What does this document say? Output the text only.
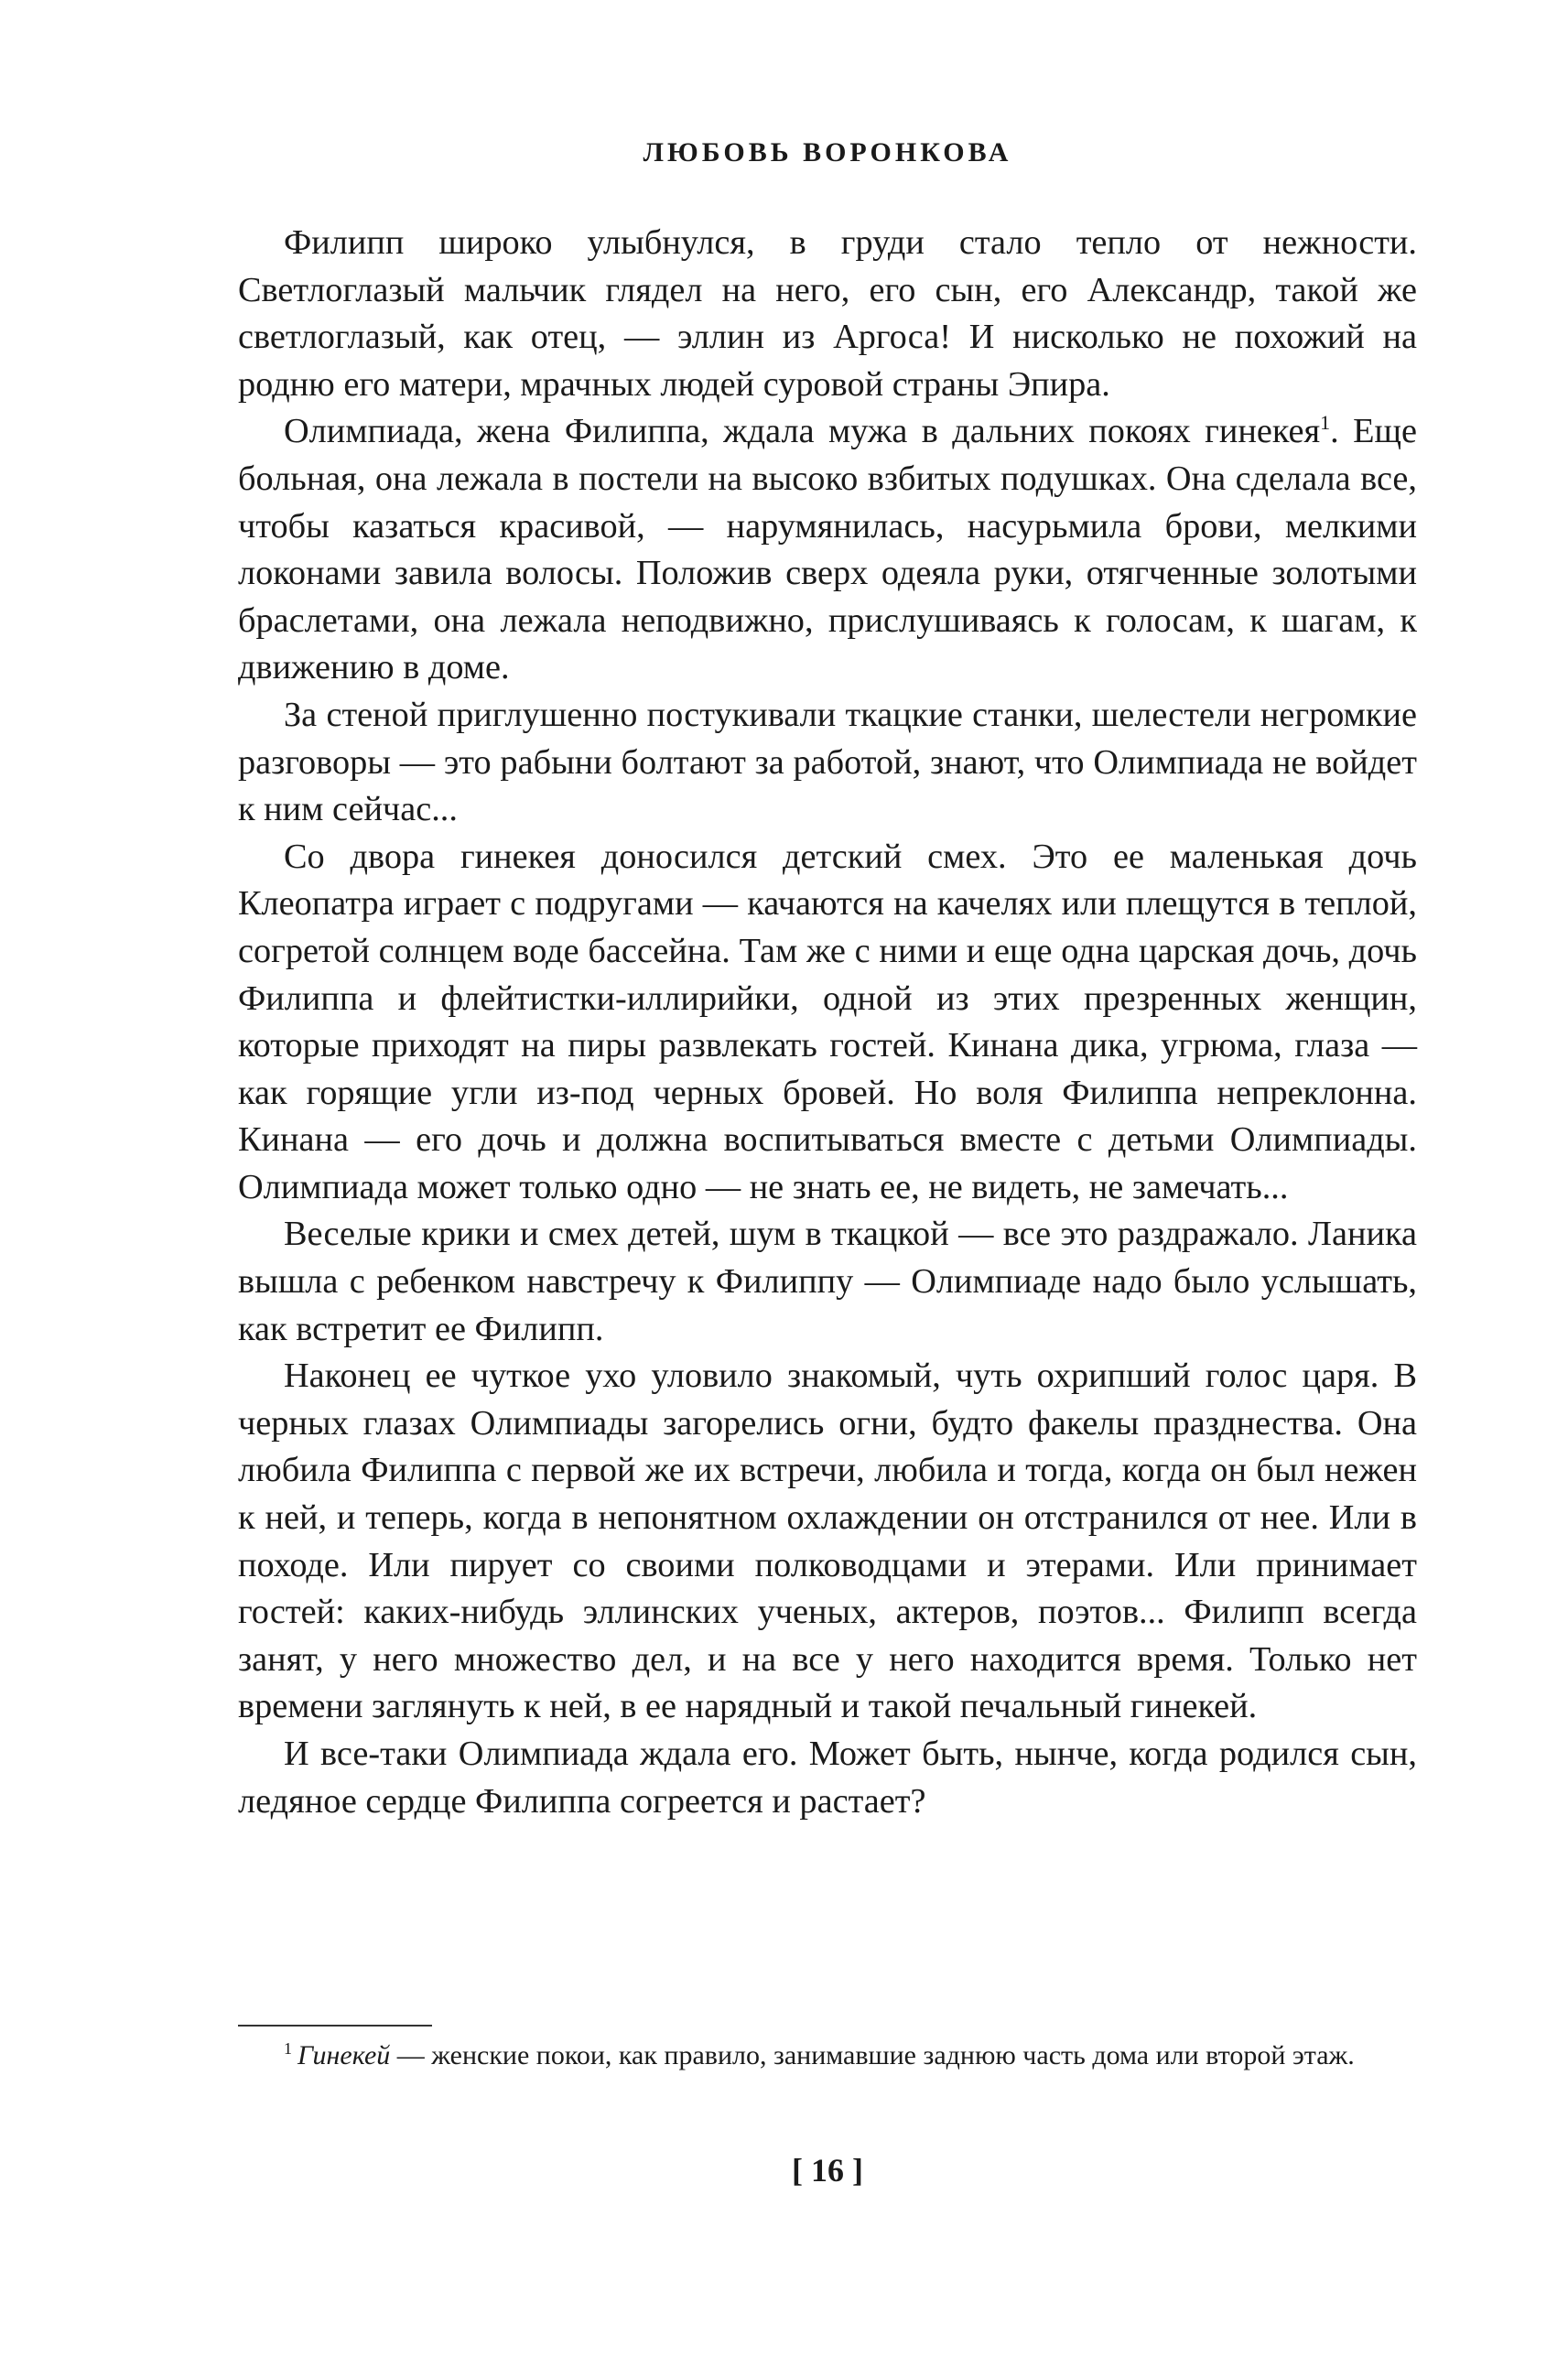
ЛЮБОВЬ ВОРОНКОВА

Филипп широко улыбнулся, в груди стало тепло от нежности. Светлоглазый мальчик глядел на него, его сын, его Александр, такой же светлоглазый, как отец, — эллин из Аргоса! И нисколько не похожий на родню его матери, мрачных людей суровой страны Эпира.

Олимпиада, жена Филиппа, ждала мужа в дальних покоях гинекея$^1$. Еще больная, она лежала в постели на высоко взбитых подушках. Она сделала все, чтобы казаться красивой, — нарумянилась, насурьмила брови, мелкими локонами завила волосы. Положив сверх одеяла руки, отягченные золотыми браслетами, она лежала неподвижно, прислушиваясь к голосам, к шагам, к движению в доме.

За стеной приглушенно постукивали ткацкие станки, шелестели негромкие разговоры — это рабыни болтают за работой, знают, что Олимпиада не войдет к ним сейчас...

Со двора гинекея доносился детский смех. Это ее маленькая дочь Клеопатра играет с подругами — качаются на качелях или плещутся в теплой, согретой солнцем воде бассейна. Там же с ними и еще одна царская дочь, дочь Филиппа и флейтистки-иллирийки, одной из этих презренных женщин, которые приходят на пиры развлекать гостей. Кинана дика, угрюма, глаза — как горящие угли из-под черных бровей. Но воля Филиппа непреклонна. Кинана — его дочь и должна воспитываться вместе с детьми Олимпиады. Олимпиада может только одно — не знать ее, не видеть, не замечать...

Веселые крики и смех детей, шум в ткацкой — все это раздражало. Ланика вышла с ребенком навстречу к Филиппу — Олимпиаде надо было услышать, как встретит ее Филипп.

Наконец ее чуткое ухо уловило знакомый, чуть охрипший голос царя. В черных глазах Олимпиады загорелись огни, будто факелы празднества. Она любила Филиппа с первой же их встречи, любила и тогда, когда он был нежен к ней, и теперь, когда в непонятном охлаждении он отстранился от нее. Или в походе. Или пирует со своими полководцами и этерами. Или принимает гостей: каких-нибудь эллинских ученых, актеров, поэтов... Филипп всегда занят, у него множество дел, и на все у него находится время. Только нет времени заглянуть к ней, в ее нарядный и такой печальный гинекей.

И все-таки Олимпиада ждала его. Может быть, нынче, когда родился сын, ледяное сердце Филиппа согреется и растает?

$^1$ Гинекей — женские покои, как правило, занимавшие заднюю часть дома или второй этаж.

[ 16 ]
